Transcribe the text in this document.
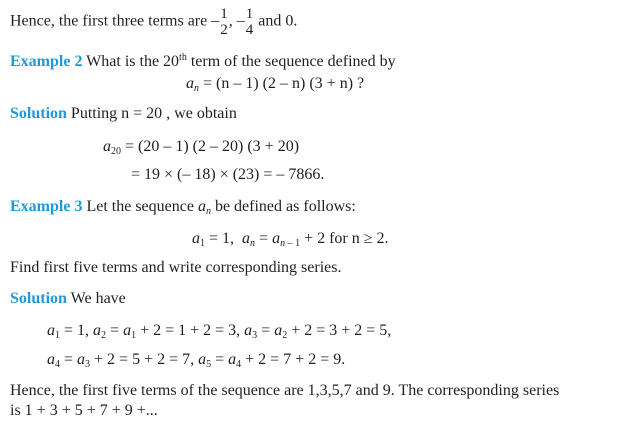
Hence, the first three terms are – 1
2
, – 1
4
and 0.
Example 2 What is the 20th term of the sequence defined by
$a_n = (n - 1)$ (2 – n) (3 + n) ?
Solution Putting n = 20 , we obtain
$a_{20} = (20 - 1)$ (2 – 20) (3 + 20)
= 19 × (– 18) × (23) = – 7866.
Example 3 Let the sequence $a_n$ be defined as follows:
$a_1 = 1$, $a_n = a_{n - 1} + 2$ for n ≥ 2.
Find first five terms and write corresponding series.
Solution We have
$a_1 = 1$, $a_2 = a_1 + 2 = 1 + 2 = 3$, $a_3 = a_2 + 2 = 3 + 2 = 5$,
$a_4 = a_3 + 2 = 5 + 2 = 7$, $a_5 = a_4 + 2 = 7 + 2 = 9$.
Hence, the first five terms of the sequence are 1,3,5,7 and 9. The corresponding series
is 1 + 3 + 5 + 7 + 9 +...
